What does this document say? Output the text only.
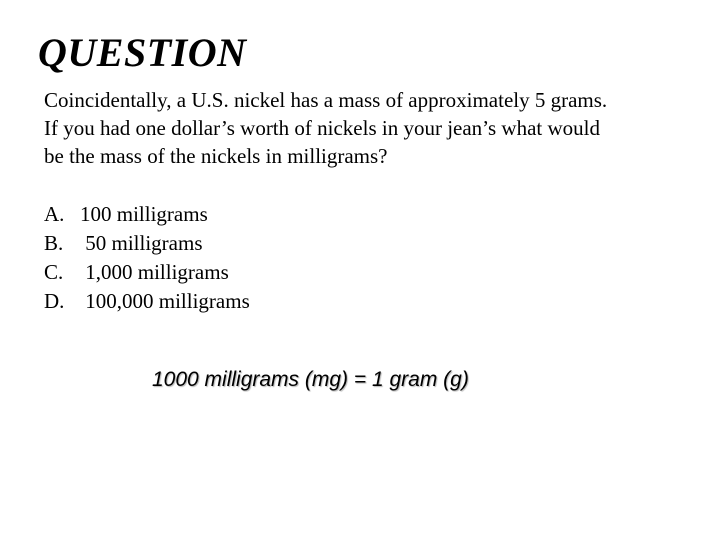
QUESTION
Coincidentally, a U.S. nickel has a mass of approximately 5 grams.
If you had one dollar’s worth of nickels in your jean’s what would
be the mass of the nickels in milligrams?
A. 100 milligrams
B. 50 milligrams
C. 1,000 milligrams
D. 100,000 milligrams
1000 milligrams (mg) = 1 gram (g)
